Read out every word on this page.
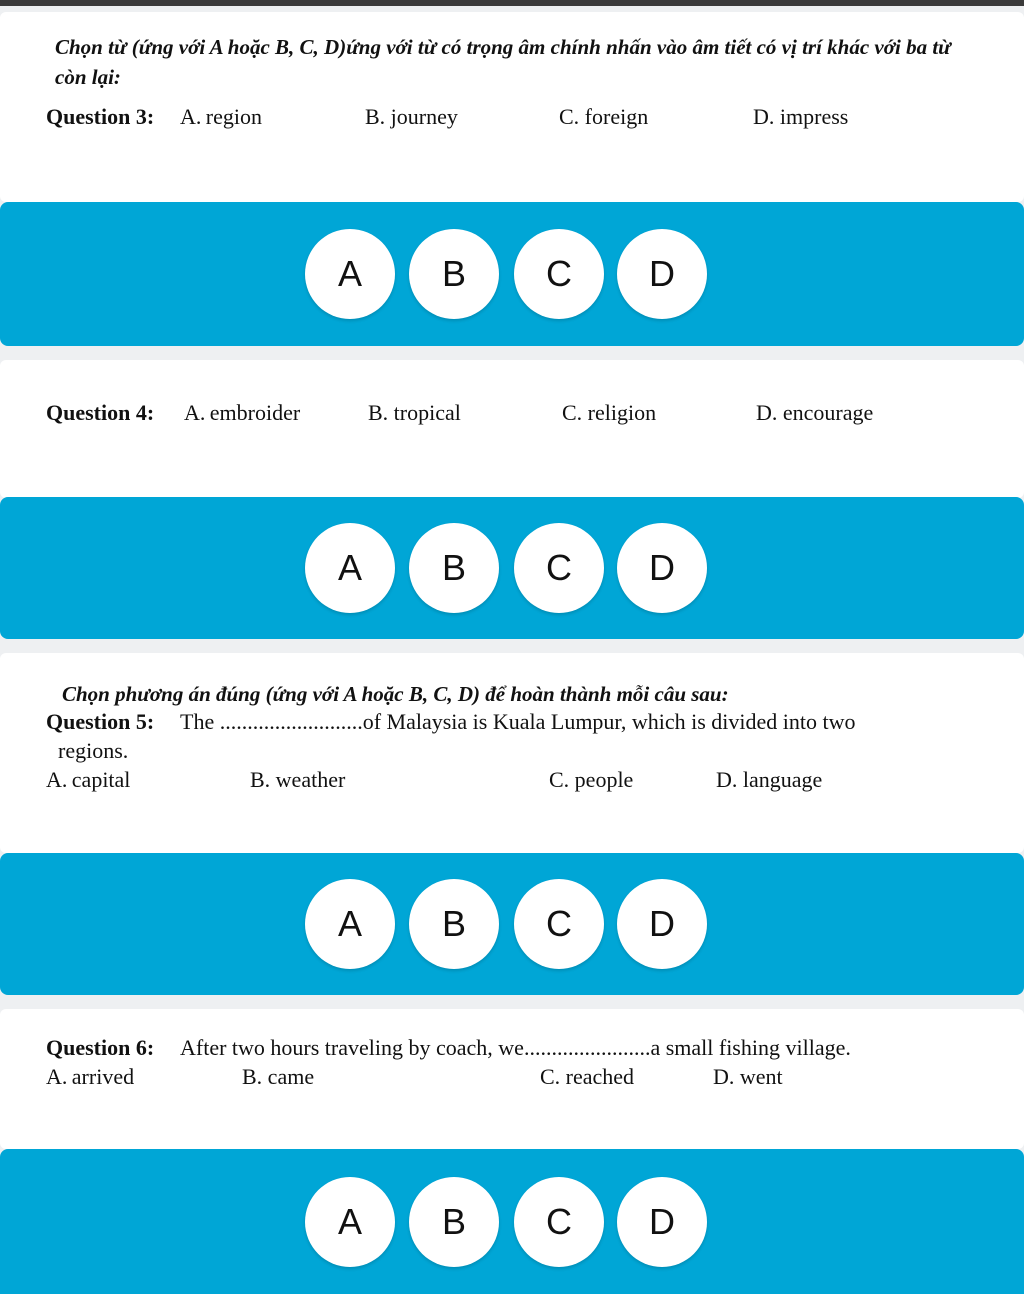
Chọn từ (ứng với A hoặc B, C, D)ứng với từ có trọng âm chính nhấn vào âm tiết có vị trí khác với ba từ còn lại:
Question 3: A. region	B. journey	C. foreign	D. impress
A	B	C	D
Question 4: A. embroider	B. tropical	C. religion	D. encourage
A	B	C	D
Chọn phương án đúng (ứng với A hoặc B, C, D) để hoàn thành mỗi câu sau:
Question 5: The ..........................of Malaysia is Kuala Lumpur, which is divided into two
regions.
A. capital	B. weather	C. people	D. language
A	B	C	D
Question 6: After two hours traveling by coach, we.......................a small fishing village.
A. arrived	B. came	C. reached	D. went
A	B	C	D
